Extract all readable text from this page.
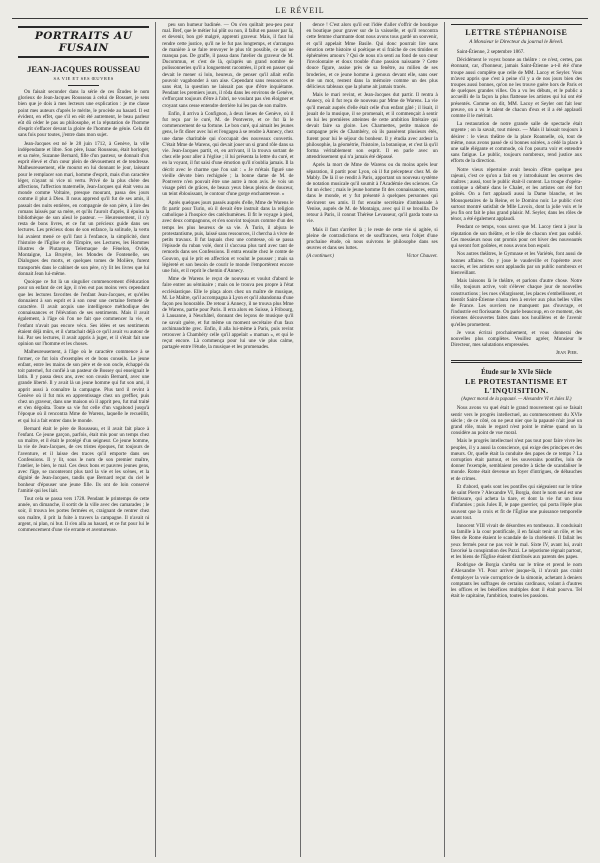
LE RÉVEIL
PORTRAITS AU FUSAIN
JEAN-JACQUES ROUSSEAU
SA VIE ET SES ŒUVRES

On faisait seconder dans la série de ces Études le nom glorieux de Jean-Jacques Rousseau à celui de Bossuet, je sens bien que je dois à mes lecteurs une explication : je me classe point mes auteurs d'après le mérite, le procède au hasard. Il est évident, en effet, que s'il en eût été autrement, le beau parleur eût dû céder le pas au philosophe, et la réputation de l'homme d'esprit s'effacer devant la gloire de l'homme de génie. Cela dit sans fois pour toutes, j'entre dans mon sujet.

Jean-Jacques est né le 28 juin 1712, à Genève, la ville indépendante et libre. Son père, Isaac Rousseau, était horloger, et sa mère, Suzanne Bernard, fille d'un pasteur, se donnait d'un esprit élevé et d'un cœur plein de dévouement et de tendresse. Malheureusement, elle mourut en lui donnant le jour, laissant pour le remplacer son mari, homme d'esprit, mais d'un caractère léger, n'ayant ni vice ni vertu. Privé de la plus chère des affections, l'affection maternelle, Jean-Jacques qui était venu au monde comme Voltaire, presque mourant, passa des jours comme il plut à Dieu. Il nous apprend qu'il fut de ses amis, il passait des nuits entières, en compagnie de son père, à lire des romans laissés par sa mère, et qu'ils l'auroit d'après, il épuisa la bibliothèque de son aïeul le pasteur. — Heureusement, il n'y resta de bons livres, et ce fut un précieux guide dans ses lectures. Les précieux dons de son enfance, la solitude, la vertu lui avaient mené ce qu'il faut à l'enfance, la simplicité, dont l'histoire de l'Église et de l'Empire, ses Lectures, les Hommes illustres de Plutarque, Telemaque de Fénelon, Ovide, Montaigne, La Bruyère, les Mondes de Fontenelle, ses Dialogues des morts, et quelques tomes de Molière, furent transportés dans le cabinet de son père, n'y lit les livres que lui donnait Jean lui-même.

Quoique ce fut là un singulier commencement d'éducation pour un enfant de cet âge, il n'en eut pas moins vers cependant que les lectures favorites de l'enfant Jean-Jacques, et qu'elles donnaient à son esprit et à son cœur une certaine fermeté de caractère. Il avait acquis une intelligence méthodique des connaissances et l'élévation de ses sentiments. Mais il avait également, à l'âge où l'on ne fait que commencer la vie, et l'enfant n'avait pas encore vécu. Ses idées et ses sentiments étaient déjà mûrs, et il s'attachait déjà ce qu'il avait vu autour de lui. Par ses lectures, il avait appris à juger, et il s'était fait une opinion sur l'homme et les choses.

Malheureusement, à l'âge où le caractère commence à se former, ce fut loin d'exemples et de bons conseils. Le jeune enfant, entre les mains de son père et de son oncle, échappé du toit paternel, fut confié à un pasteur de Bossey qui enseignait le latin. Il y passa deux ans, avec son cousin Bernard, avec une grande liberté. Il y avait là un jeune homme qui fut son ami, il apprit aussi à connaître la campagne. Plus tard il revint à Genève où il fut mis en apprentissage chez un greffier, puis chez un graveur, dans une maison où il apprit peu, fut mal traité et s'en dégoûta. Toute sa vie fut celle d'un vagabond jusqu'à l'époque où il rencontra Mme de Warens, laquelle le recueillit, et qui lui a fait entrer dans le monde.

Bernard était le père de Rousseau, et il avait fait place à l'enfant. Ce jeune garçon, parfois, était mis pour un temps chez un maître, et il était le protégé d'un seigneur. Ce jeune homme, la vie de Jean-Jacques, de ces tristes époques, fut toujours de l'aventure, et il laisse des traces qu'il emporte dans ses Confessions. Il y lit, sous le nom de son premier maître, l'atelier, le bien, le mal. Ces deux bons et pauvres jeunes gens, avec l'âge, se raconteront plus tard la vie et les scènes, et la dignité de Jean-Jacques, tandis que Bernard reçut du ciel le bonheur d'épouser une jeune fille. Ils ont de loin conservé l'amitié qui les liait.

Tout cela se passa vers 1728. Pendant le printemps de cette année, un dimanche, il sortit de la ville avec des camarades ; le soir, il trouva les portes fermées et, craignant de rentrer chez son maître, il prit la fuite à travers la campagne. Il n'avait ni argent, ni plan, ni but. Il s'en alla au hasard, et ce fut pour lui le commencement d'une vie errante et aventureuse.

peu son humeur badinée. — On s'en quiltait peu-peu pour mal. Bref, que le métier lui plût ou non, il fallut en passer par là, et devenir, bon gré malgré, apprenti graveur. Mais, il faut lui rendre cette justice, qu'il ne le fut pas longtemps, et s'arrangea de manière à se faire renvoyer le plus tôt possible, ce qui ne manqua pas. De graffe, il passa dans l'atelier du graveur de M. Ducommun, et c'est de là, qu'après un grand nombre de polissonneries qu'il a longuement racontées, il prit en passer qui devait le mener si loin, heureux, de penser qu'il allait enfin pouvoir vagabonder à son aise. Cependant sans ressources et sans état, la question ne laissait pas que d'être inquiétante. Pendant les premiers jours, il rôda dans les environs de Genève, s'efforçant toujours d'être à l'abri, ne voulant pas s'en éloigner et croyant sans cesse entendre derrière lui les pas de son maître.

Enfin, il arriva à Confignon, à deux lieues de Genève, où il fut reçu par le curé, M. de Pontverre, et ce fut là le commencement de sa fortune. Le bon curé, qui aimait les jeunes gens, le fit dîner avec lui et l'engagea à se rendre à Annecy, chez une dame charitable qui s'occupait des nouveaux convertis. C'était Mme de Warens, qui devait jouer un si grand rôle dans sa vie. Jean-Jacques partit, et, en arrivant, il la trouva sortant de chez elle pour aller à l'église ; il lui présenta la lettre du curé, et en la voyant, il fut saisi d'une émotion qu'il n'oublia jamais. Il la décrit avec le charme que l'on sait : « Je m'étais figuré une vieille dévote bien rechignée ; la bonne dame de M. de Pontverre n'en pouvait être une autre à mon avis. Je vois un visage pétri de grâces, de beaux yeux bleus pleins de douceur, un teint éblouissant, le contour d'une gorge enchanteresse. »

Après quelques jours passés auprès d'elle, Mme de Warens le fit partir pour Turin, où il devait être instruit dans la religion catholique à l'hospice des catéchumènes. Il fit le voyage à pied, avec deux compagnons, et s'en souvint toujours comme d'un des temps les plus heureux de sa vie. À Turin, il abjura le protestantisme, puis, laissé sans ressources, il chercha à vivre de petits travaux. Il fut laquais chez une comtesse, où se passa l'épisode du ruban volé, dont il s'accusa plus tard avec tant de remords dans ses Confessions. Il entra ensuite chez le comte de Gouvon, qui le prit en affection et voulut le pousser ; mais sa légèreté et son besoin de courir le monde l'emportèrent encore une fois, et il reprit le chemin d'Annecy.

Mme de Warens le reçut de nouveau et voulut d'abord le faire entrer au séminaire ; mais on le trouva peu propre à l'état ecclésiastique. Elle le plaça alors chez un maître de musique, M. Le Maître, qu'il accompagna à Lyon et qu'il abandonna d'une façon peu honorable. De retour à Annecy, il ne trouva plus Mme de Warens, partie pour Paris. Il erra alors en Suisse, à Fribourg, à Lausanne, à Neuchâtel, donnant des leçons de musique qu'il ne savait guère, et fut même un moment secrétaire d'un faux archimandrite grec. Enfin, il alla lui-même à Paris, puis revint retrouver à Chambéry celle qu'il appelait « maman », et qui le reçut encore. Là commença pour lui une vie plus calme, partagée entre l'étude, la musique et les promenades.

dence ! C'est alors qu'il eut l'idée d'aller s'offrir de boutique en boutique pour graver sur de la vaisselle, et qu'il rencontra cette femme charmante dont nous avons tous gardé un souvenir, et qu'il appelait Mme Basile. Qui donc pourrait lire sans émotion cette histoire si poétique et si fraîche de ces timides et éphémères amours ? Qui de nous n'a senti au fond de son cœur l'involontaire et doux trouble d'une passion naissante ? Cette douce figure, assise près de sa fenêtre, au milieu de ses broderies, et ce jeune homme à genoux devant elle, sans oser dire un mot, restent dans la mémoire comme un des plus délicieux tableaux que la plume ait jamais tracés.

Mais le mari revint, et Jean-Jacques dut partir. Il rentra à Annecy, où il fut reçu de nouveau par Mme de Warens. La vie qu'il menait auprès d'elle était celle d'un enfant gâté ; il lisait, il jouait de la musique, il se promenait, et il commençait à sentir en lui les premières atteintes de cette ambition littéraire qui devait faire sa gloire. Les Charmettes, petite maison de campagne près de Chambéry, où ils passèrent plusieurs étés, furent pour lui le séjour du bonheur. Il y étudia avec ardeur la philosophie, la géométrie, l'histoire, la botanique, et c'est là qu'il forma véritablement son esprit. Il en parle avec un attendrissement qui n'a jamais été dépassé.

Après la mort de Mme de Warens ou du moins après leur séparation, il partit pour Lyon, où il fut précepteur chez M. de Mably. De là il se rendit à Paris, apportant un nouveau système de notation musicale qu'il soumit à l'Académie des sciences. Ce fut un échec ; mais le jeune homme fit des connaissances, entra dans le monde, et y fut présenté à quelques personnes qui devinrent ses amis. Il fut ensuite secrétaire d'ambassade à Venise, auprès de M. de Montaigu, avec qui il se brouilla. De retour à Paris, il connut Thérèse Levasseur, qu'il garda toute sa vie.

Mais il faut s'arrêter là ; le reste de cette vie si agitée, si pleine de contradictions et de souffrances, sera l'objet d'une prochaine étude, où nous suivrons le philosophe dans ses œuvres et dans ses luttes.

(A continuer.)	Victor Chauvet.
LETTRE STÉPHANOISE
A Monsieur le Directeur du journal le Réveil.

Saint-Étienne, 2 septembre 1867.

Décidément le voyez bonne au théâtre : ce n'est, certes, pas étonnant, car, d'honneur, jamais Saint-Étienne a-t-il été d'une troupe aussi complète que celle de MM. Lacoy et Seyler. Vous m'avez appris que c'est à peine s'il y a de nos jours bien des troupes aussi bonnes, qu'on ne les trouve guère hors de Paris et de quelques grandes villes. On a vu les débuts, et le public a accueilli de la façon la plus flatteuse les artistes qui lui ont été présentés. Comme on dit, MM. Lacoy et Seyler ont fait leur preuve, on a vu le talent de chacun d'eux et il a été applaudi comme il le méritait.

La restauration de notre grande salle de spectacle était urgente ; on la savait, tout mieux. — Mais il laissait toujours à désirer : le vieux théâtre de la place Roannelle, où, tout de même, nous avons passé de si bonnes soirées, a cédé la place à une salle élégante et commode, où l'on pourra voir et entendre sans fatigue. Le public, toujours nombreux, rend justice aux efforts de la direction.

Notre vieux répertoire avait besoin d'être quelque peu rajeuni, c'est ce qu'on a fait en y introduisant les œuvres des maîtres ; aussi, tout le public était-il content. La troupe d'opéra-comique a débuté dans le Chalet, et les artistes ont été fort goûtés. On a fort applaudi aussi la Dame blanche, et les Mousquetaires de la Reine, et le Domino noir. Le public s'est surtout montré satisfait de Mlle Lavoix, dont la jolie voix et le jeu fin ont fait le plus grand plaisir. M. Seyler, dans les rôles de ténor, a été également applaudi.

Pendant ce temps, vous savez que M. Lacoy tient à jour la réputation de son théâtre, et le rôle de chacun n'est pas oublié. Ces messieurs nous ont promis pour cet hiver des nouveautés qui seront fort goûtées, et nous avons bon espoir.

Nos autres théâtres, le Gymnase et les Variétés, font aussi de bonnes affaires. On y joue le vaudeville et l'opérette avec succès, et les artistes sont applaudis par un public nombreux et bienveillant.

Mais laissons là le théâtre, et parlons d'autre chose. Notre ville, toujours active, voit s'élever chaque jour de nouvelles constructions ; les rues s'élargissent, les places s'embellissent, et bientôt Saint-Étienne n'aura rien à envier aux plus belles villes de France. Les ouvriers ne manquent pas d'ouvrage, et l'industrie est florissante. On parle beaucoup, en ce moment, des récentes découvertes faites dans nos houillères et de l'avenir qu'elles promettent.

Je vous écrirai prochainement, et vous donnerai des nouvelles plus complètes. Veuillez agréer, Monsieur le Directeur, mes salutations empressées.

Jean Pier.
Étude sur le XVIe Siècle
LE PROTESTANTISME ET L'INQUISITION.
(Aspect moral de la papauté. — Alexandre VI et Jules II.)

Nous avons vu quel était le grand mouvement qui se faisait sentir vers le progrès intellectuel, au commencement du XVIe siècle ; de ce côté, on ne peut nier que la papauté n'ait joué un grand rôle, mais le regard n'est point le même quand on la considère au point de vue moral.

Mais le progrès intellectuel n'est pas tout pour faire vivre les peuples, il y a aussi la conscience, qui exige des principes et des mœurs. Or, quelle était la conduite des papes de ce temps ? La corruption était partout, et les souverains pontifes, loin de donner l'exemple, semblaient prendre à tâche de scandaliser le monde. Rome était devenue un foyer d'intrigues, de débauches et de crimes.

Et d'abord, quels sont les pontifes qui siégeaient sur le trône de saint Pierre ? Alexandre VI, Borgia, dont le nom seul est une flétrissure, qui acheta la tiare, et dont la vie fut un tissu d'infamies ; puis Jules II, le pape guerrier, qui porta l'épée plus souvent que la croix et fit de l'Église une puissance temporelle avant tout.

Innocent VIII vivait de désordres en tombeaux. Il conduisait sa famille à la cour pontificale, il en faisait tenir un rôle, et les fêtes de Rome étaient le scandale de la chrétienté. Il fallait les yeux fermés pour ne pas voir le mal. Sixte IV, avant lui, avait favorisé la conspiration des Pazzi. Le népotisme régnait partout, et les biens de l'Église étaient distribués aux parents des papes.

Rodrigue de Borgia s'arrêta sur le trône et prend le nom d'Alexandre VI. Pour arriver jusque-là, il n'avait pas craint d'employer la voie corruptrice de la simonie, achetant à deniers comptants les suffrages de certains cardinaux, volant à d'autres les offices et les bénéfices multiples dont il était pourvu. Tel était le capitaine, l'ambition, toutes les passions.
